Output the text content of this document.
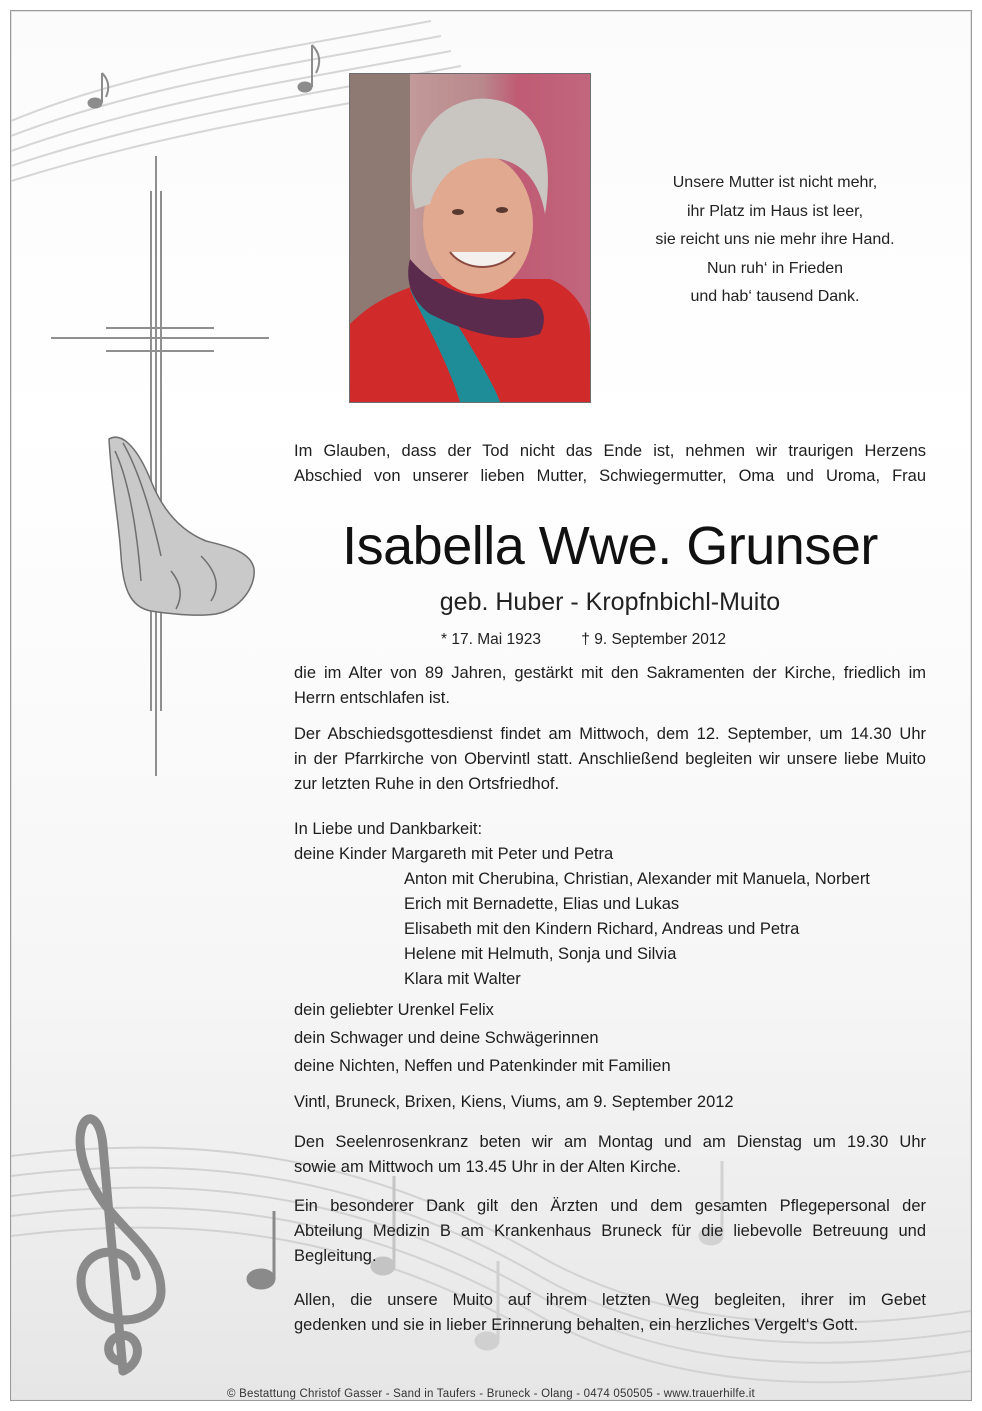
Unsere Mutter ist nicht mehr,
ihr Platz im Haus ist leer,
sie reicht uns nie mehr ihre Hand.
Nun ruh‘ in Frieden
und hab‘ tausend Dank.
Im Glauben, dass der Tod nicht das Ende ist, nehmen wir traurigen Herzens
Abschied von unserer lieben Mutter, Schwiegermutter, Oma und Uroma, Frau
Isabella Wwe. Grunser
geb. Huber - Kropfnbichl-Muito
* 17. Mai 1923	† 9. September 2012
die im Alter von 89 Jahren, gestärkt mit den Sakramenten der Kirche, friedlich im
Herrn entschlafen ist.
Der Abschiedsgottesdienst findet am Mittwoch, dem 12. September, um 14.30 Uhr
in der Pfarrkirche von Obervintl statt. Anschließend begleiten wir unsere liebe Muito
zur letzten Ruhe in den Ortsfriedhof.
In Liebe und Dankbarkeit:
deine Kinder Margareth mit Peter und Petra
Anton mit Cherubina, Christian, Alexander mit Manuela, Norbert
Erich mit Bernadette, Elias und Lukas
Elisabeth mit den Kindern Richard, Andreas und Petra
Helene mit Helmuth, Sonja und Silvia
Klara mit Walter
dein geliebter Urenkel Felix
dein Schwager und deine Schwägerinnen
deine Nichten, Neffen und Patenkinder mit Familien
Vintl, Bruneck, Brixen, Kiens, Viums, am 9. September 2012
Den Seelenrosenkranz beten wir am Montag und am Dienstag um 19.30 Uhr
sowie am Mittwoch um 13.45 Uhr in der Alten Kirche.
Ein besonderer Dank gilt den Ärzten und dem gesamten Pflegepersonal der
Abteilung Medizin B am Krankenhaus Bruneck für die liebevolle Betreuung und
Begleitung.
Allen, die unsere Muito auf ihrem letzten Weg begleiten, ihrer im Gebet
gedenken und sie in lieber Erinnerung behalten, ein herzliches Vergelt‘s Gott.
© Bestattung Christof Gasser - Sand in Taufers - Bruneck - Olang - 0474 050505 - www.trauerhilfe.it
